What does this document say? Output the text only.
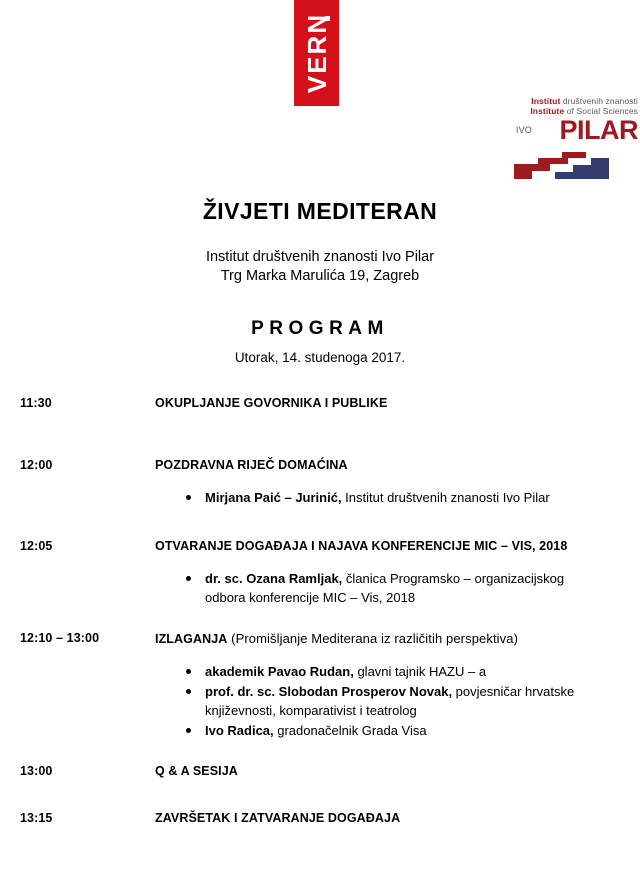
VERN
Institut društvenih znanosti
Institute of Social Sciences
IVO PILAR
ŽIVJETI MEDITERAN
Institut društvenih znanosti Ivo Pilar
Trg Marka Marulića 19, Zagreb
PROGRAM
Utorak, 14. studenoga 2017.
11:30	OKUPLJANJE GOVORNIKA I PUBLIKE
12:00	POZDRAVNA RIJEČ DOMAĆINA
Mirjana Paić – Jurinić, Institut društvenih znanosti Ivo Pilar
12:05	OTVARANJE DOGAĐAJA I NAJAVA KONFERENCIJE MIC – VIS, 2018
dr. sc. Ozana Ramljak, članica Programsko – organizacijskog odbora konferencije MIC – Vis, 2018
12:10 – 13:00	IZLAGANJA (Promišljanje Mediterana iz različitih perspektiva)
akademik Pavao Rudan, glavni tajnik HAZU – a
prof. dr. sc. Slobodan Prosperov Novak, povjesničar hrvatske književnosti, komparativist i teatrolog
Ivo Radica, gradonačelnik Grada Visa
13:00	Q & A SESIJA
13:15	ZAVRŠETAK I ZATVARANJE DOGAĐAJA
